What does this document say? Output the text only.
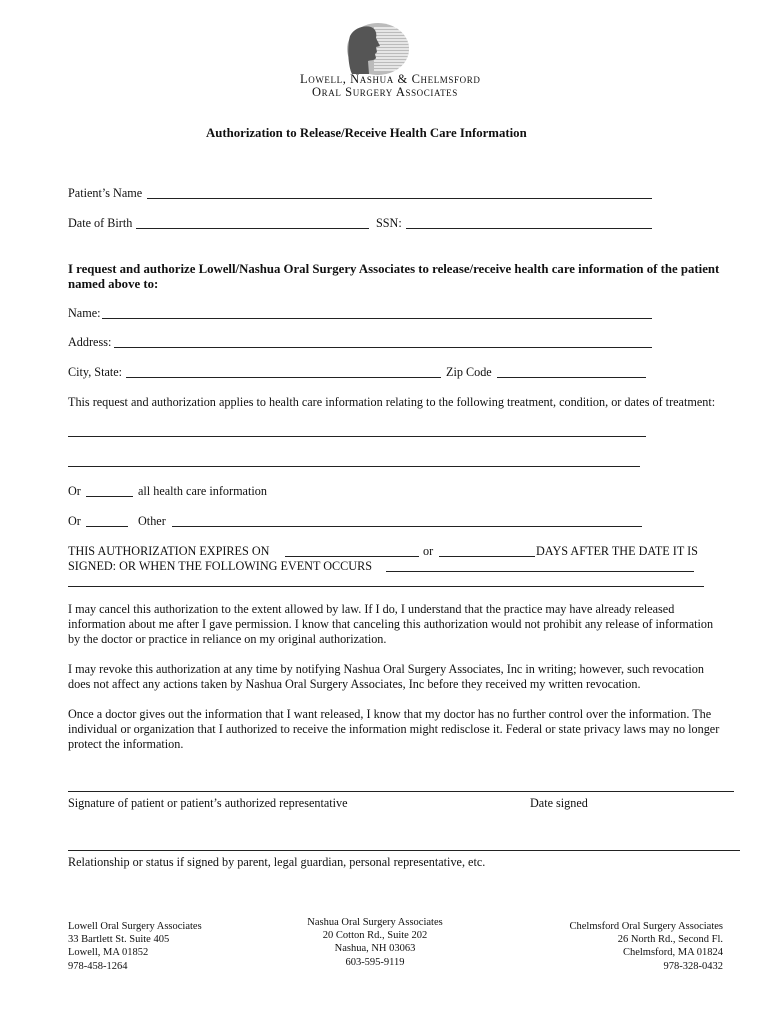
Lowell, Nashua & Chelmsford
Oral Surgery Associates
Authorization to Release/Receive Health Care Information
Patient’s Name
Date of Birth	SSN:
I request and authorize Lowell/Nashua Oral Surgery Associates to release/receive health care information of the patient
named above to:
Name:
Address:
City, State:	Zip Code
This request and authorization applies to health care information relating to the following treatment, condition, or dates of treatment:
Or	all health care information
Or	Other
THIS AUTHORIZATION EXPIRES ON	or	DAYS AFTER THE DATE IT IS
SIGNED: OR WHEN THE FOLLOWING EVENT OCCURS
I may cancel this authorization to the extent allowed by law. If I do, I understand that the practice may have already released
information about me after I gave permission. I know that canceling this authorization would not prohibit any release of information
by the doctor or practice in reliance on my original authorization.
I may revoke this authorization at any time by notifying Nashua Oral Surgery Associates, Inc in writing; however, such revocation
does not affect any actions taken by Nashua Oral Surgery Associates, Inc before they received my written revocation.
Once a doctor gives out the information that I want released, I know that my doctor has no further control over the information. The
individual or organization that I authorized to receive the information might redisclose it. Federal or state privacy laws may no longer
protect the information.
Signature of patient or patient’s authorized representative	Date signed
Relationship or status if signed by parent, legal guardian, personal representative, etc.
Lowell Oral Surgery Associates
33 Bartlett St. Suite 405
Lowell, MA 01852
978-458-1264
Nashua Oral Surgery Associates
20 Cotton Rd., Suite 202
Nashua, NH 03063
603-595-9119
Chelmsford Oral Surgery Associates
26 North Rd., Second Fl.
Chelmsford, MA 01824
978-328-0432
